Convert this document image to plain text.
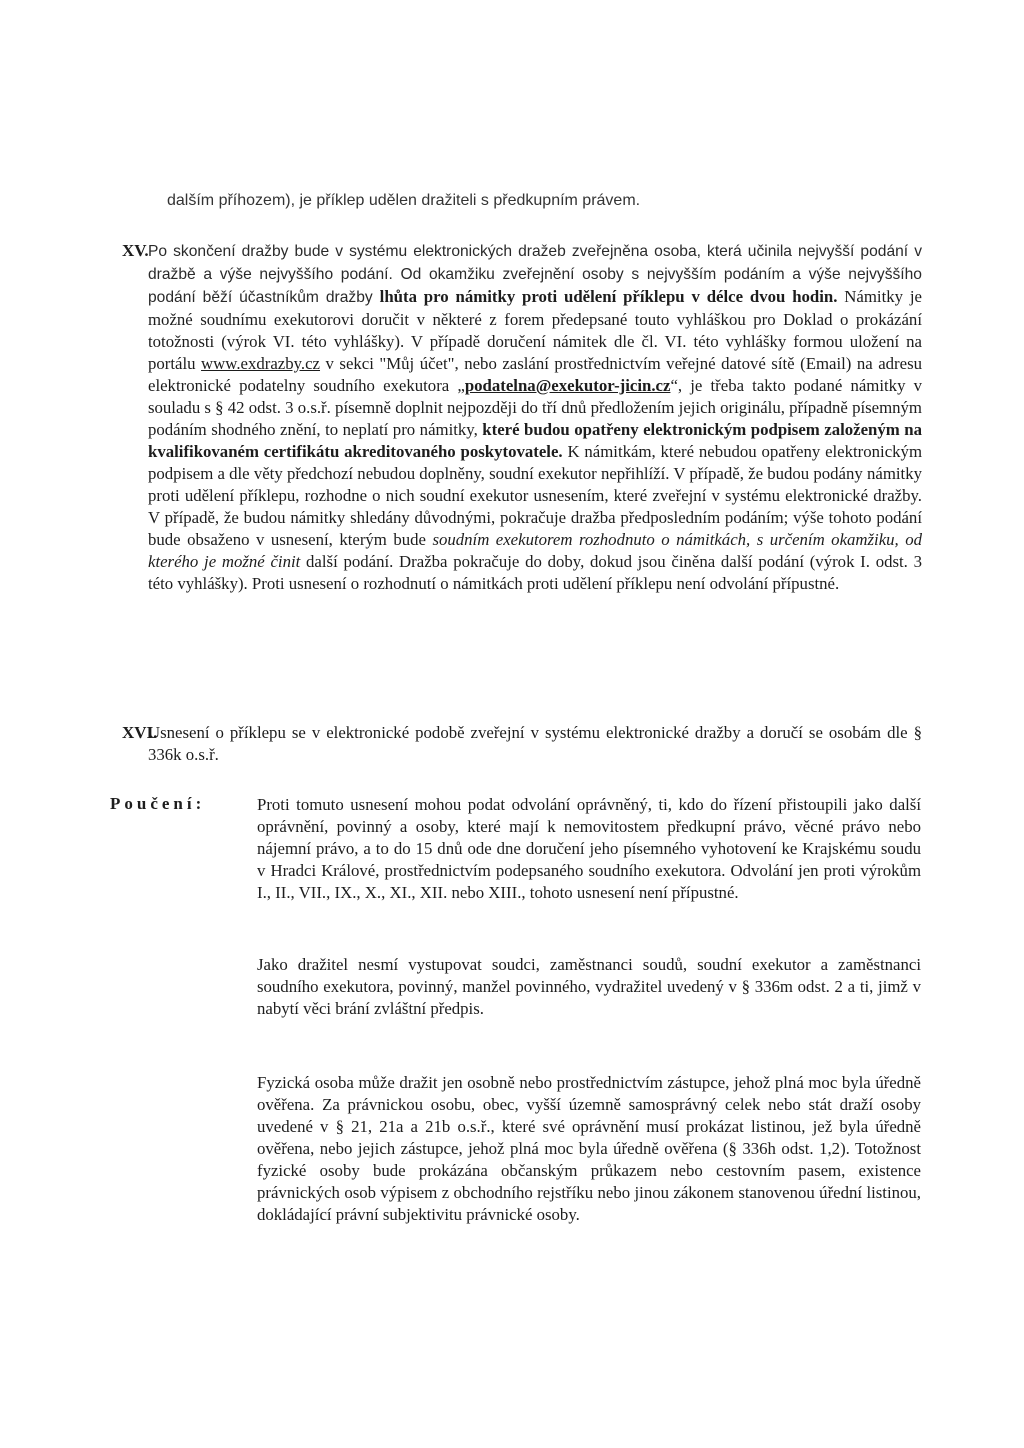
dalším příhozem), je příklep udělen dražiteli s předkupním právem.

XV. Po skončení dražby bude v systému elektronických dražeb zveřejněna osoba, která učinila nejvyšší podání v dražbě a výše nejvyššího podání. Od okamžiku zveřejnění osoby s nejvyšším podáním a výše nejvyššího podání běží účastníkům dražby lhůta pro námitky proti udělení příklepu v délce dvou hodin. Námitky je možné soudnímu exekutorovi doručit v některé z forem předepsané touto vyhláškou pro Doklad o prokázání totožnosti (výrok VI. této vyhlášky). V případě doručení námitek dle čl. VI. této vyhlášky formou uložení na portálu www.exdrazby.cz v sekci "Můj účet", nebo zaslání prostřednictvím veřejné datové sítě (Email) na adresu elektronické podatelny soudního exekutora „podatelna@exekutor-jicin.cz“, je třeba takto podané námitky v souladu s § 42 odst. 3 o.s.ř. písemně doplnit nejpozději do tří dnů předložením jejich originálu, případně písemným podáním shodného znění, to neplatí pro námitky, které budou opatřeny elektronickým podpisem založeným na kvalifikovaném certifikátu akreditovaného poskytovatele. K námitkám, které nebudou opatřeny elektronickým podpisem a dle věty předchozí nebudou doplněny, soudní exekutor nepřihlíží. V případě, že budou podány námitky proti udělení příklepu, rozhodne o nich soudní exekutor usnesením, které zveřejní v systému elektronické dražby. V případě, že budou námitky shledány důvodnými, pokračuje dražba předposledním podáním; výše tohoto podání bude obsaženo v usnesení, kterým bude soudním exekutorem rozhodnuto o námitkách, s určením okamžiku, od kterého je možné činit další podání. Dražba pokračuje do doby, dokud jsou činěna další podání (výrok I. odst. 3 této vyhlášky). Proti usnesení o rozhodnutí o námitkách proti udělení příklepu není odvolání přípustné.

XVI.

Usnesení o příklepu se v elektronické podobě zveřejní v systému elektronické dražby a doručí se osobám dle § 336k o.s.ř.

Poučení:	Proti tomuto usnesení mohou podat odvolání oprávněný, ti, kdo do řízení přistoupili jako další oprávnění, povinný a osoby, které mají k nemovitostem předkupní právo, věcné právo nebo nájemní právo, a to do 15 dnů ode dne doručení jeho písemného vyhotovení ke Krajskému soudu v Hradci Králové, prostřednictvím podepsaného soudního exekutora. Odvolání jen proti výrokům I., II., VII., IX., X., XI., XII. nebo XIII., tohoto usnesení není přípustné.

Jako dražitel nesmí vystupovat soudci, zaměstnanci soudů, soudní exekutor a zaměstnanci soudního exekutora, povinný, manžel povinného, vydražitel uvedený v § 336m odst. 2 a ti, jimž v nabytí věci brání zvláštní předpis.

Fyzická osoba může dražit jen osobně nebo prostřednictvím zástupce, jehož plná moc byla úředně ověřena. Za právnickou osobu, obec, vyšší územně samosprávný celek nebo stát draží osoby uvedené v § 21, 21a a 21b o.s.ř., které své oprávnění musí prokázat listinou, jež byla úředně ověřena, nebo jejich zástupce, jehož plná moc byla úředně ověřena (§ 336h odst. 1,2). Totožnost fyzické osoby bude prokázána občanským průkazem nebo cestovním pasem, existence právnických osob výpisem z obchodního rejstříku nebo jinou zákonem stanovenou úřední listinou, dokládající právní subjektivitu právnické osoby.
